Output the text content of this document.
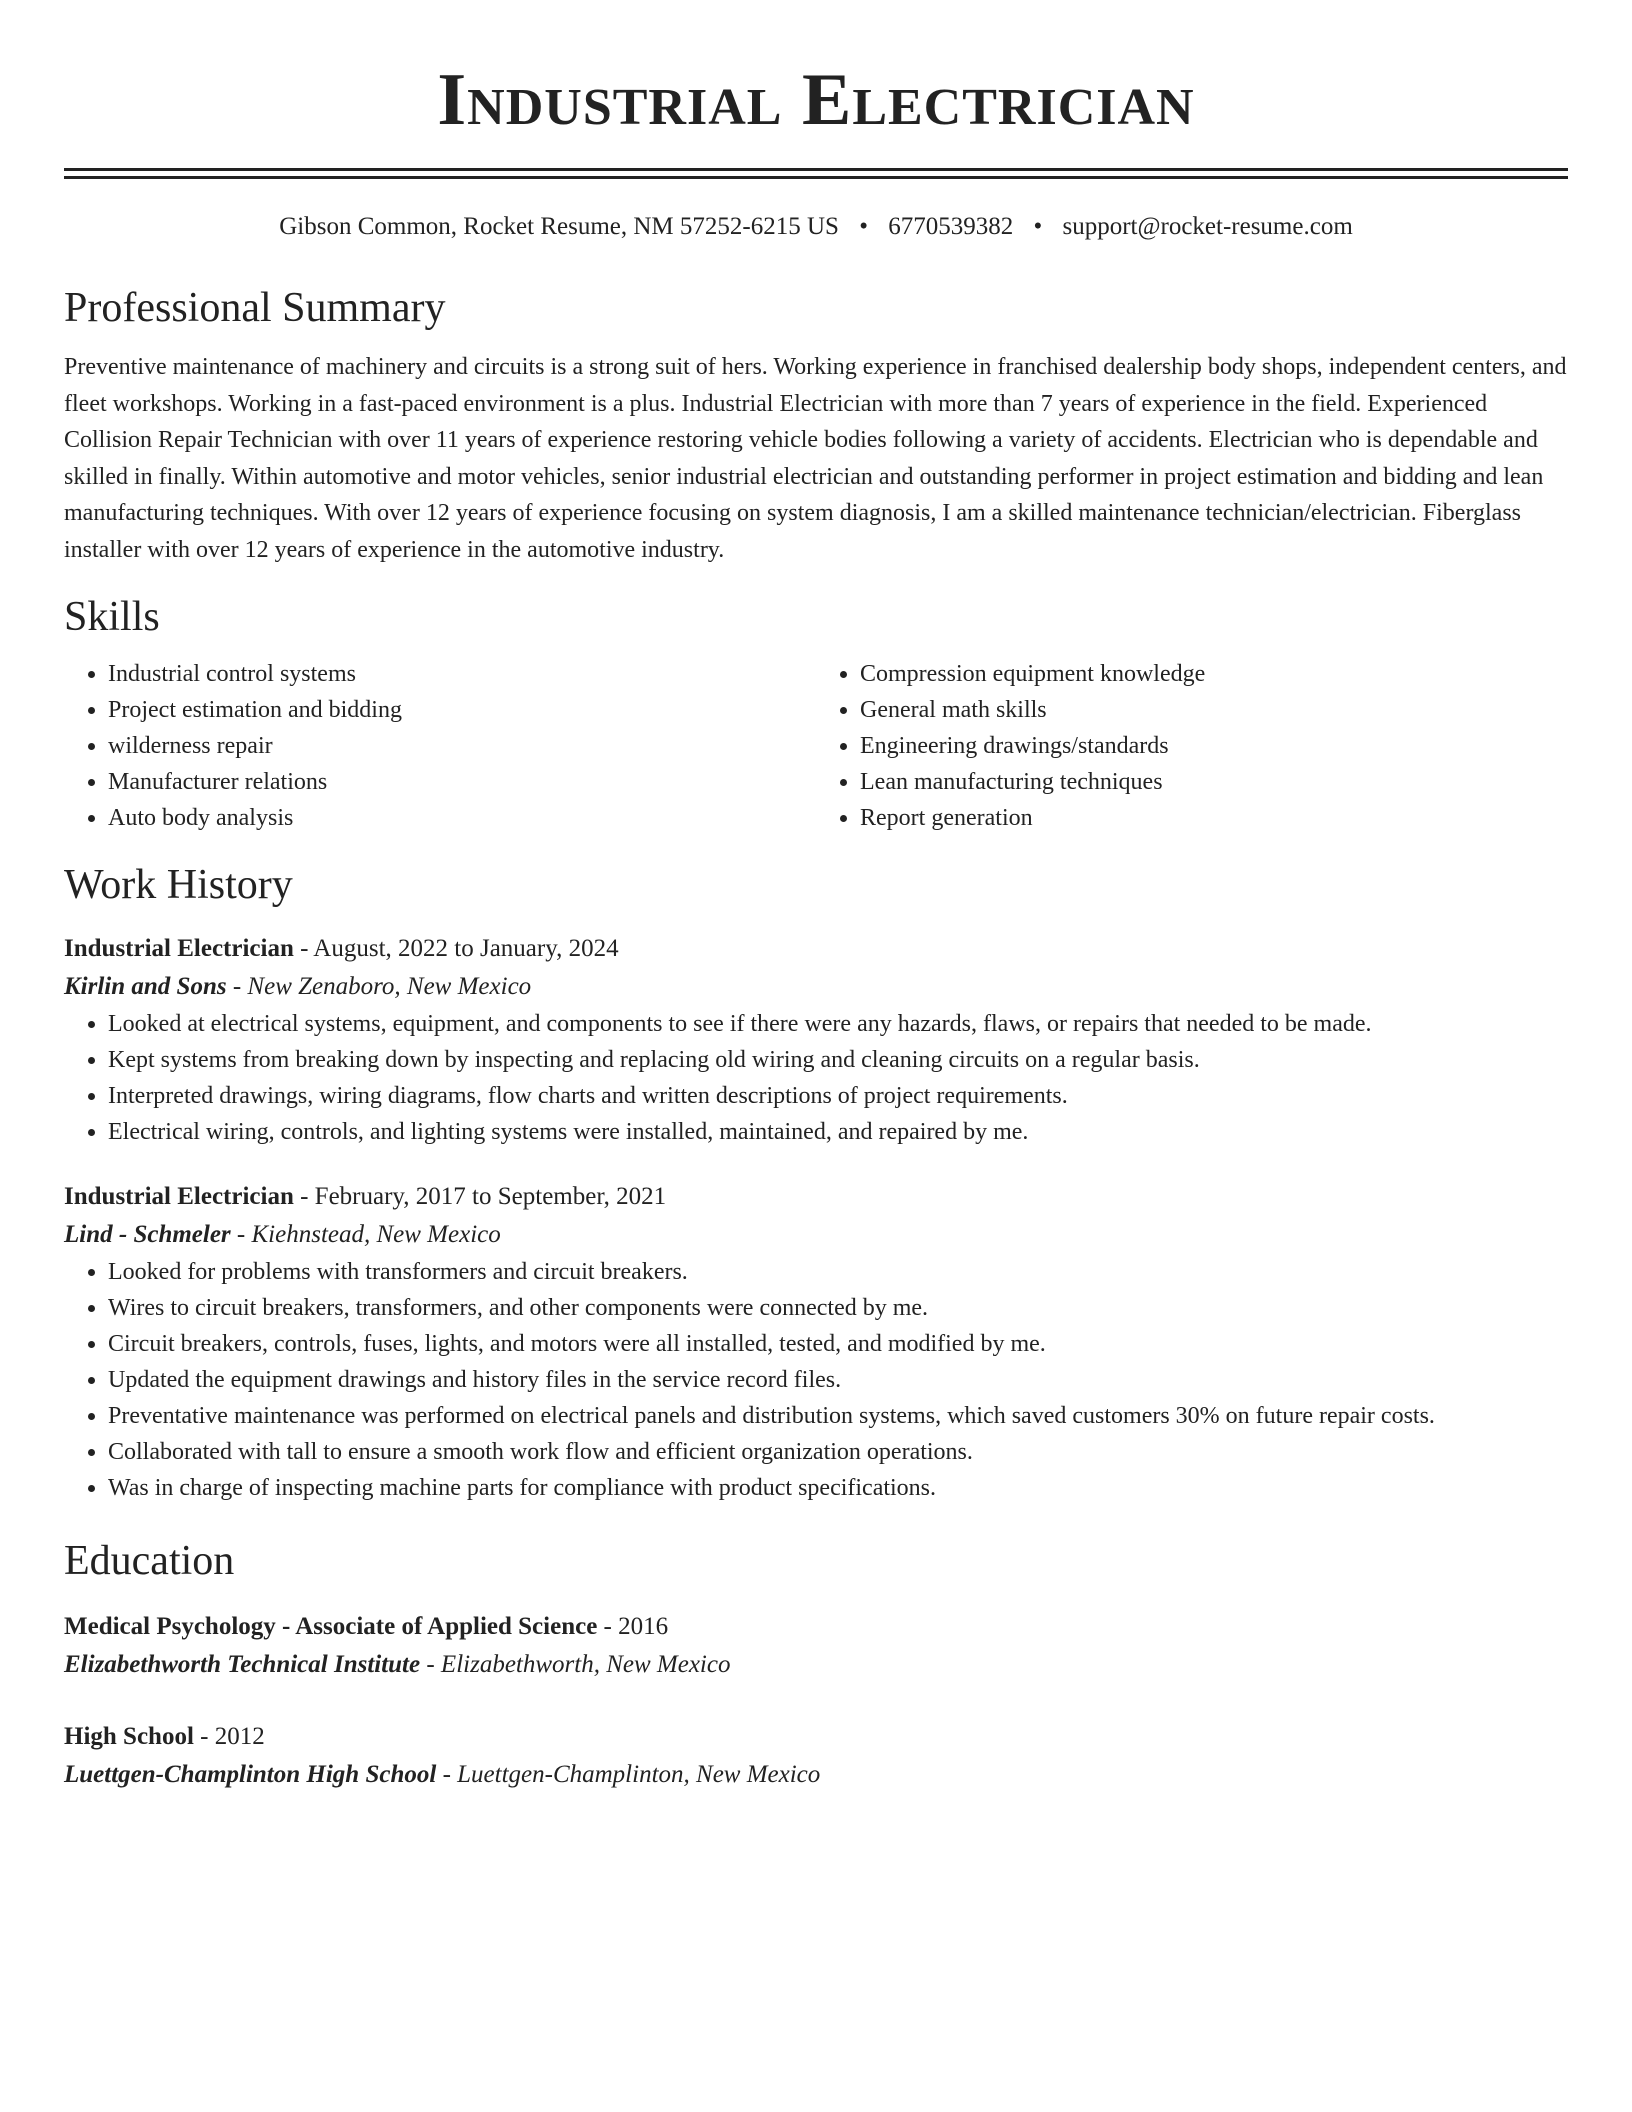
Industrial Electrician
Gibson Common, Rocket Resume, NM 57252-6215 US • 6770539382 • support@rocket-resume.com
Professional Summary
Preventive maintenance of machinery and circuits is a strong suit of hers. Working experience in franchised dealership body shops, independent centers, and fleet workshops. Working in a fast-paced environment is a plus. Industrial Electrician with more than 7 years of experience in the field. Experienced Collision Repair Technician with over 11 years of experience restoring vehicle bodies following a variety of accidents. Electrician who is dependable and skilled in finally. Within automotive and motor vehicles, senior industrial electrician and outstanding performer in project estimation and bidding and lean manufacturing techniques. With over 12 years of experience focusing on system diagnosis, I am a skilled maintenance technician/electrician. Fiberglass installer with over 12 years of experience in the automotive industry.
Skills
• Industrial control systems
• Project estimation and bidding
• wilderness repair
• Manufacturer relations
• Auto body analysis
• Compression equipment knowledge
• General math skills
• Engineering drawings/standards
• Lean manufacturing techniques
• Report generation
Work History
Industrial Electrician - August, 2022 to January, 2024
Kirlin and Sons - New Zenaboro, New Mexico
• Looked at electrical systems, equipment, and components to see if there were any hazards, flaws, or repairs that needed to be made.
• Kept systems from breaking down by inspecting and replacing old wiring and cleaning circuits on a regular basis.
• Interpreted drawings, wiring diagrams, flow charts and written descriptions of project requirements.
• Electrical wiring, controls, and lighting systems were installed, maintained, and repaired by me.
Industrial Electrician - February, 2017 to September, 2021
Lind - Schmeler - Kiehnstead, New Mexico
• Looked for problems with transformers and circuit breakers.
• Wires to circuit breakers, transformers, and other components were connected by me.
• Circuit breakers, controls, fuses, lights, and motors were all installed, tested, and modified by me.
• Updated the equipment drawings and history files in the service record files.
• Preventative maintenance was performed on electrical panels and distribution systems, which saved customers 30% on future repair costs.
• Collaborated with tall to ensure a smooth work flow and efficient organization operations.
• Was in charge of inspecting machine parts for compliance with product specifications.
Education
Medical Psychology - Associate of Applied Science - 2016
Elizabethworth Technical Institute - Elizabethworth, New Mexico
High School - 2012
Luettgen-Champlinton High School - Luettgen-Champlinton, New Mexico
